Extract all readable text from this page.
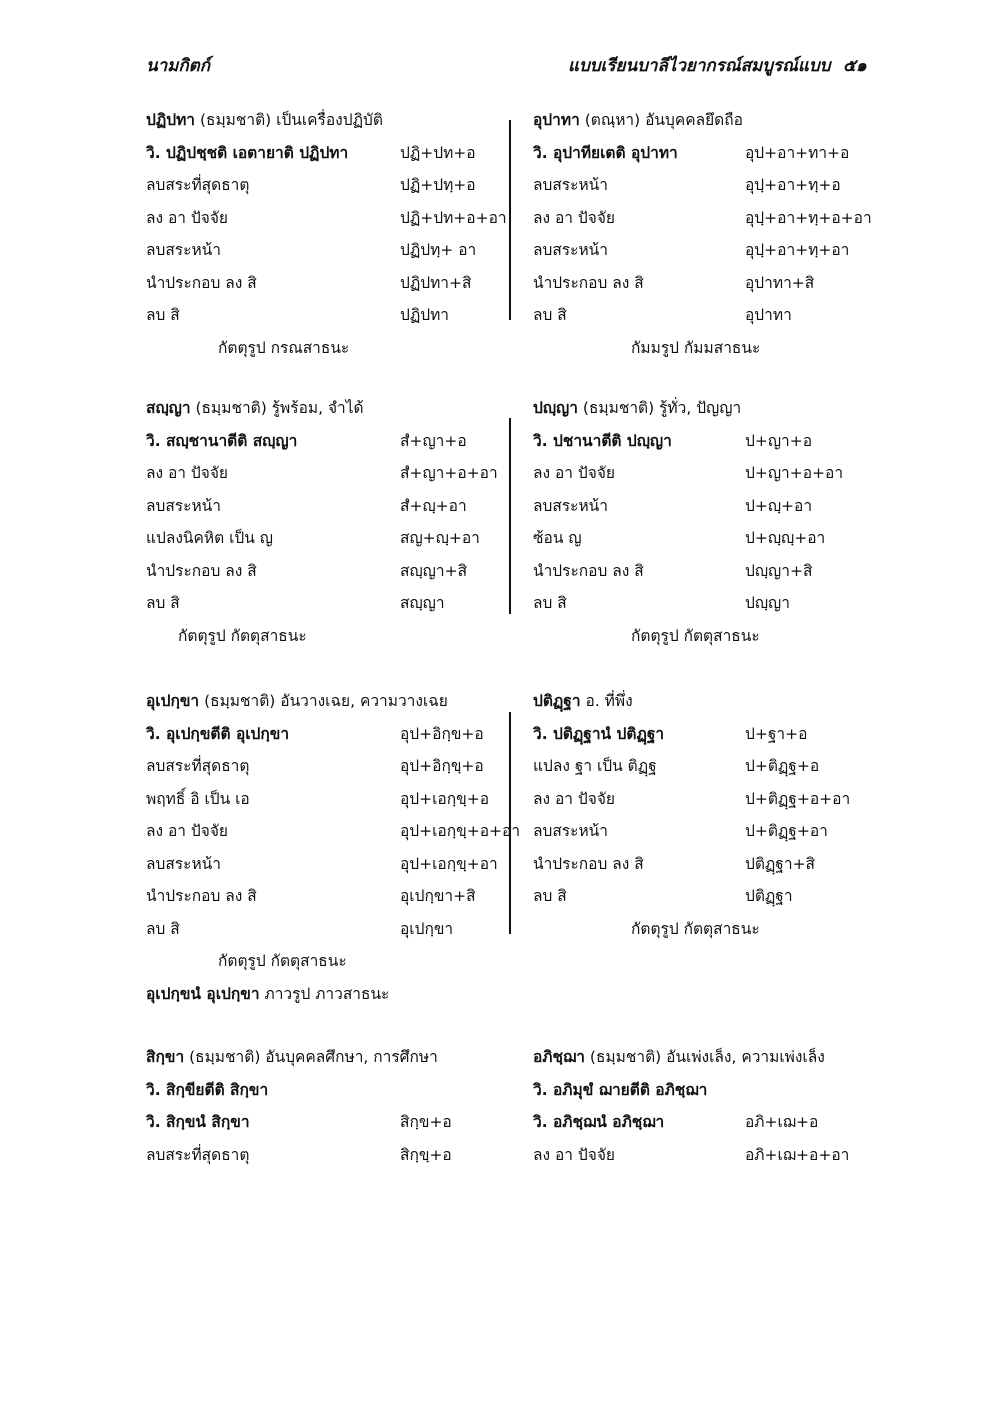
นามกิตก์	แบบเรียนบาลีไวยากรณ์สมบูรณ์แบบ ๕๑
ปฏิปทา (ธมฺมชาติ) เป็นเครื่องปฏิบัติ
วิ. ปฏิปชฺชติ เอตายาติ ปฏิปทา	ปฏิ+ปท+อ
ลบสระที่สุดธาตุ	ปฏิ+ปทฺ+อ
ลง อา ปัจจัย	ปฏิ+ปท+อ+อา
ลบสระหน้า	ปฏิปทฺ+ อา
นำประกอบ ลง สิ	ปฏิปทา+สิ
ลบ สิ	ปฏิปทา
กัตตุรูป กรณสาธนะ
อุปาทา (ตณฺหา) อันบุคคลยึดถือ
วิ. อุปาทียเตติ อุปาทา	อุป+อา+ทา+อ
ลบสระหน้า	อุปฺ+อา+ทฺ+อ
ลง อา ปัจจัย	อุปฺ+อา+ทฺ+อ+อา
ลบสระหน้า	อุปฺ+อา+ทฺ+อา
นำประกอบ ลง สิ	อุปาทา+สิ
ลบ สิ	อุปาทา
กัมมรูป กัมมสาธนะ
สญฺญา (ธมฺมชาติ) รู้พร้อม, จำได้
วิ. สญฺชานาตีติ สญฺญา	สํ+ญา+อ
ลง อา ปัจจัย	สํ+ญา+อ+อา
ลบสระหน้า	สํ+ญฺ+อา
แปลงนิคหิต เป็น ญ	สญ+ญฺ+อา
นำประกอบ ลง สิ	สญฺญา+สิ
ลบ สิ	สญฺญา
กัตตุรูป กัตตุสาธนะ
ปญฺญา (ธมฺมชาติ) รู้ทั่ว, ปัญญา
วิ. ปชานาตีติ ปญฺญา	ป+ญา+อ
ลง อา ปัจจัย	ป+ญา+อ+อา
ลบสระหน้า	ป+ญฺ+อา
ซ้อน ญ	ป+ญฺญฺ+อา
นำประกอบ ลง สิ	ปญฺญา+สิ
ลบ สิ	ปญฺญา
กัตตุรูป กัตตุสาธนะ
อุเปกฺขา (ธมฺมชาติ) อันวางเฉย, ความวางเฉย
วิ. อุเปกฺขตีติ อุเปกฺขา	อุป+อิกฺข+อ
ลบสระที่สุดธาตุ	อุป+อิกฺขฺ+อ
พฤทธิ์ อิ เป็น เอ	อุป+เอกฺขฺ+อ
ลง อา ปัจจัย	อุป+เอกฺขฺ+อ+อา
ลบสระหน้า	อุป+เอกฺขฺ+อา
นำประกอบ ลง สิ	อุเปกฺขา+สิ
ลบ สิ	อุเปกฺขา
กัตตุรูป กัตตุสาธนะ
อุเปกฺขนํ อุเปกฺขา ภาวรูป ภาวสาธนะ
ปติฏฺฐา อ. ที่พึ่ง
วิ. ปติฏฺฐานํ ปติฏฺฐา	ป+ฐา+อ
แปลง ฐา เป็น ติฏฺฐ	ป+ติฏฺฐ+อ
ลง อา ปัจจัย	ป+ติฏฺฐ+อ+อา
ลบสระหน้า	ป+ติฏฺฐ+อา
นำประกอบ ลง สิ	ปติฏฺฐา+สิ
ลบ สิ	ปติฏฺฐา
กัตตุรูป กัตตุสาธนะ
สิกฺขา (ธมฺมชาติ) อันบุคคลศึกษา, การศึกษา
วิ. สิกฺขียตีติ สิกฺขา
วิ. สิกฺขนํ สิกฺขา	สิกฺข+อ
ลบสระที่สุดธาตุ	สิกฺขฺ+อ
อภิชฺฌา (ธมฺมชาติ) อันเพ่งเล็ง, ความเพ่งเล็ง
วิ. อภิมุขํ ฌายตีติ อภิชฺฌา
วิ. อภิชฺฌนํ อภิชฺฌา	อภิ+เฌ+อ
ลง อา ปัจจัย	อภิ+เฌ+อ+อา
